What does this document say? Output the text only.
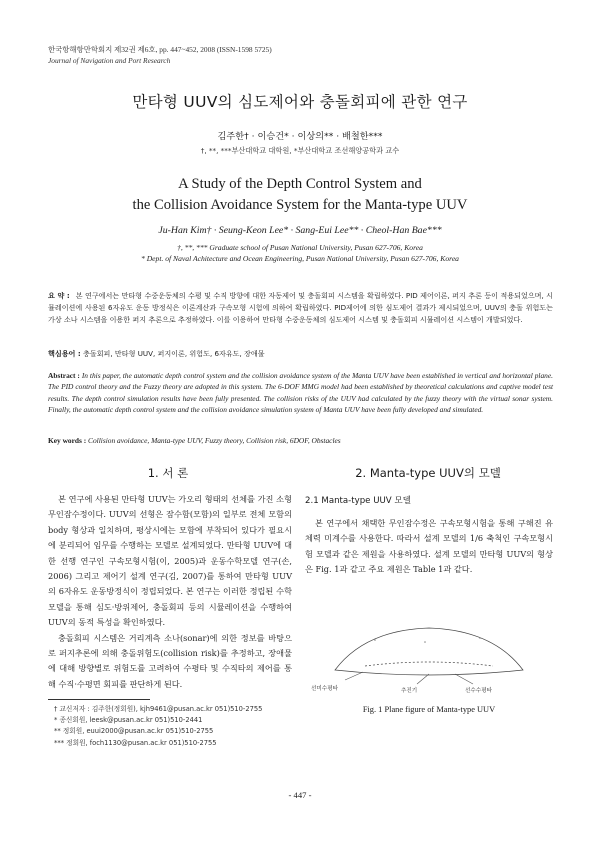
한국항해항만학회지 제32권 제6호, pp. 447~452, 2008 (ISSN-1598 5725)
Journal of Navigation and Port Research
만타형 UUV의 심도제어와 충돌회피에 관한 연구
김주한† · 이승건* · 이상의** · 배철한***
†, **, ***부산대학교 대학원, *부산대학교 조선해양공학과 교수
A Study of the Depth Control System and
the Collision Avoidance System for the Manta-type UUV
Ju-Han Kim† · Seung-Keon Lee* · Sang-Eui Lee** · Cheol-Han Bae***
†, **, *** Graduate school of Pusan National University, Pusan 627-706, Korea
* Dept. of Naval Achitecture and Ocean Engineering, Pusan National University, Pusan 627-706, Korea
요 약 : 본 연구에서는 만타형 수중운동체의 수평 및 수직 방향에 대한 자동제어 및 충돌회피 시스템을 확립하였다. PID 제어이론, 퍼지 추론 등이 적용되었으며, 시뮬레이션에 사용된 6자유도 운동 방정식은 이론계산과 구속모형 시험에 의하여 확립하였다. PID제어에 의한 심도제어 결과가 제시되었으며, UUV의 충돌 위험도는 가상 소나 시스템을 이용한 퍼지 추론으로 추정하였다. 이를 이용하여 만타형 수중운동체의 심도제어 시스템 및 충돌회피 시뮬레이션 시스템이 개발되었다.
핵심용어 : 충돌회피, 만타형 UUV, 퍼지이론, 위험도, 6자유도, 장애물
Abstract : In this paper, the automatic depth control system and the collision avoidance system of the Manta UUV have been established in vertical and horizontal plane. The PID control theory and the Fuzzy theory are adopted in this system. The 6-DOF MMG model had been established by theoretical calculations and captive model test results. The depth control simulation results have been fully presented. The collision risks of the UUV had calculated by the fuzzy theory with the virtual sonar system. Finally, the automatic depth control system and the collision avoidance simulation system of Manta UUV have been fully developed and simulated.
Key words : Collision avoidance, Manta-type UUV, Fuzzy theory, Collision risk, 6DOF, Obstacles
1. 서 론	2. Manta-type UUV의 모델

본 연구에 사용된 만타형 UUV는 가오리 형태의 선체를 가진 소형 무인잠수정이다. UUV의 선형은 잠수함(모함)의 일부로 전체 모함의 body 형상과 일치하며, 평상시에는 모함에 부착되어 있다가 필요시에 분리되어 임무를 수행하는 모델로 설계되었다. 만타형 UUV에 대한 선행 연구인 구속모형시험(이, 2005)과 운동수학모델 연구(손, 2006) 그리고 제어기 설계 연구(김, 2007)를 통하여 만타형 UUV의 6자유도 운동방정식이 정립되었다. 본 연구는 이러한 정립된 수학모델을 통해 심도·방위제어, 충돌회피 등의 시뮬레이션을 수행하여 UUV의 동적 특성을 확인하였다.

충돌회피 시스템은 거리계측 소나(sonar)에 의한 정보를 바탕으로 퍼지추론에 의해 충돌위험도(collision risk)를 추정하고, 장애물에 대해 방향별로 위험도를 고려하여 수평타 및 수직타의 제어를 통해 수직·수평면 회피를 판단하게 된다.

2.1 Manta-type UUV 모델

본 연구에서 채택한 무인잠수정은 구속모형시험을 통해 구해진 유체력 미계수를 사용한다. 따라서 설계 모델의 1/6 축척인 구속모형시험 모델과 같은 제원을 사용하였다. 설계 모델의 만타형 UUV의 형상은 Fig. 1과 같고 주요 제원은 Table 1과 같다.

선미수평타	추진기	선수수평타
Fig. 1 Plane figure of Manta-type UUV
† 교신저자 : 김주한(정회원), kjh9461@pusan.ac.kr 051)510-2755
* 종신회원, leesk@pusan.ac.kr 051)510-2441
** 정회원, euui2000@pusan.ac.kr 051)510-2755
*** 정회원, foch1130@pusan.ac.kr 051)510-2755
- 447 -
